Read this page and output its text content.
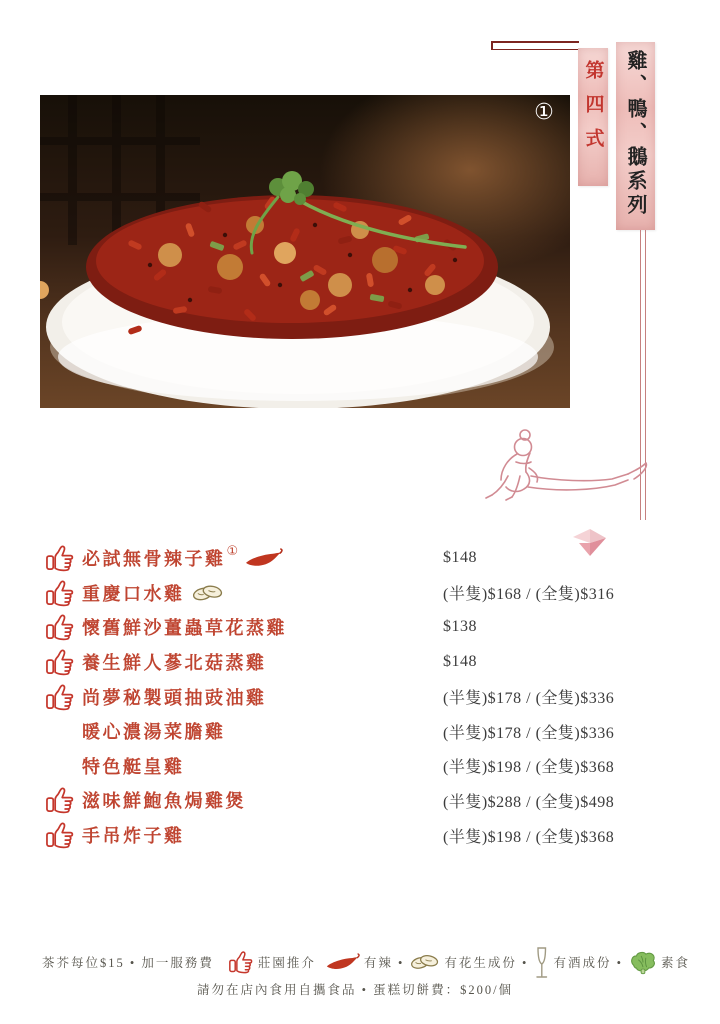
第四式 雞、鴨、鵝系列
①
必試無骨辣子雞 ①	$148
重慶口水雞	(半隻)$168 / (全隻)$316
懷舊鮮沙薑蟲草花蒸雞	$138
養生鮮人蔘北菇蒸雞	$148
尚夢秘製頭抽豉油雞	(半隻)$178 / (全隻)$336
暖心濃湯菜膽雞	(半隻)$178 / (全隻)$336
特色艇皇雞	(半隻)$198 / (全隻)$368
滋味鮮鮑魚焗雞煲	(半隻)$288 / (全隻)$498
手吊炸子雞	(半隻)$198 / (全隻)$368
茶芥每位$15 • 加一服務費	莊園推介	有辣 •	有花生成份 • 有酒成份 •	素食
請勿在店內食用自攜食品 • 蛋糕切餅費：$200/個
